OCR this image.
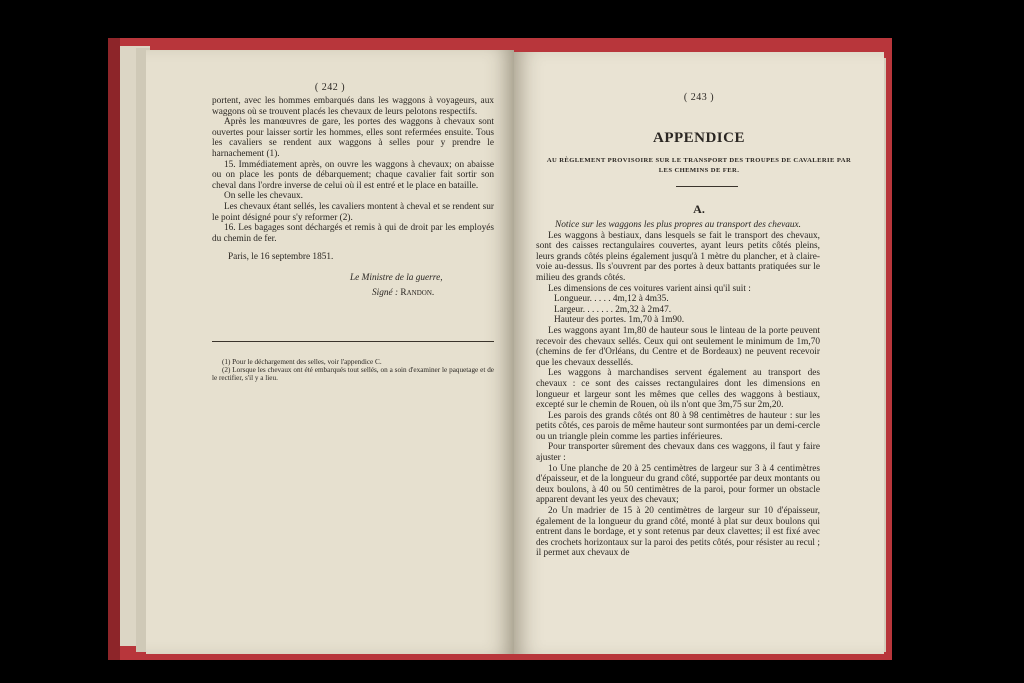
( 242 )

portent, avec les hommes embarqués dans les waggons à voyageurs, aux waggons où se trouvent placés les chevaux de leurs pelotons respectifs.

Après les manœuvres de gare, les portes des waggons à chevaux sont ouvertes pour laisser sortir les hommes, elles sont refermées ensuite. Tous les cavaliers se rendent aux waggons à selles pour y prendre le harnachement (1).

15. Immédiatement après, on ouvre les waggons à chevaux; on abaisse ou on place les ponts de débarquement; chaque cavalier fait sortir son cheval dans l'ordre inverse de celui où il est entré et le place en bataille.

On selle les chevaux.

Les chevaux étant sellés, les cavaliers montent à cheval et se rendent sur le point désigné pour s'y reformer (2).

16. Les bagages sont déchargés et remis à qui de droit par les employés du chemin de fer.

Paris, le 16 septembre 1851.

Le Ministre de la guerre,
Signé : Randon.

(1) Pour le déchargement des selles, voir l'appendice C.

(2) Lorsque les chevaux ont été embarqués tout sellés, on a soin d'examiner le paquetage et de le rectifier, s'il y a lieu.

( 243 )
APPENDICE
AU RÈGLEMENT PROVISOIRE SUR LE TRANSPORT DES TROUPES DE CAVALERIE PAR LES CHEMINS DE FER.
A.

Notice sur les waggons les plus propres au transport des chevaux.

Les waggons à bestiaux, dans lesquels se fait le transport des chevaux, sont des caisses rectangulaires couvertes, ayant leurs petits côtés pleins, leurs grands côtés pleins également jusqu'à 1 mètre du plancher, et à claire-voie au-dessus. Ils s'ouvrent par des portes à deux battants pratiquées sur le milieu des grands côtés.

Les dimensions de ces voitures varient ainsi qu'il suit :

Longueur. . . . . 4m,12 à 4m35.
Largeur. . . . . . . 2m,32 à 2m47.
Hauteur des portes. 1m,70 à 1m90.

Les waggons ayant 1m,80 de hauteur sous le linteau de la porte peuvent recevoir des chevaux sellés. Ceux qui ont seulement le minimum de 1m,70 (chemins de fer d'Orléans, du Centre et de Bordeaux) ne peuvent recevoir que les chevaux dessellés.

Les waggons à marchandises servent également au transport des chevaux : ce sont des caisses rectangulaires dont les dimensions en longueur et largeur sont les mêmes que celles des waggons à bestiaux, excepté sur le chemin de Rouen, où ils n'ont que 3m,75 sur 2m,20.

Les parois des grands côtés ont 80 à 98 centimètres de hauteur : sur les petits côtés, ces parois de même hauteur sont surmontées par un demi-cercle ou un triangle plein comme les parties inférieures.

Pour transporter sûrement des chevaux dans ces waggons, il faut y faire ajuster :

1o Une planche de 20 à 25 centimètres de largeur sur 3 à 4 centimètres d'épaisseur, et de la longueur du grand côté, supportée par deux montants ou deux boulons, à 40 ou 50 centimètres de la paroi, pour former un obstacle apparent devant les yeux des chevaux;

2o Un madrier de 15 à 20 centimètres de largeur sur 10 d'épaisseur, également de la longueur du grand côté, monté à plat sur deux boulons qui entrent dans le bordage, et y sont retenus par deux clavettes; il est fixé avec des crochets horizontaux sur la paroi des petits côtés, pour résister au recul ; il permet aux chevaux de
